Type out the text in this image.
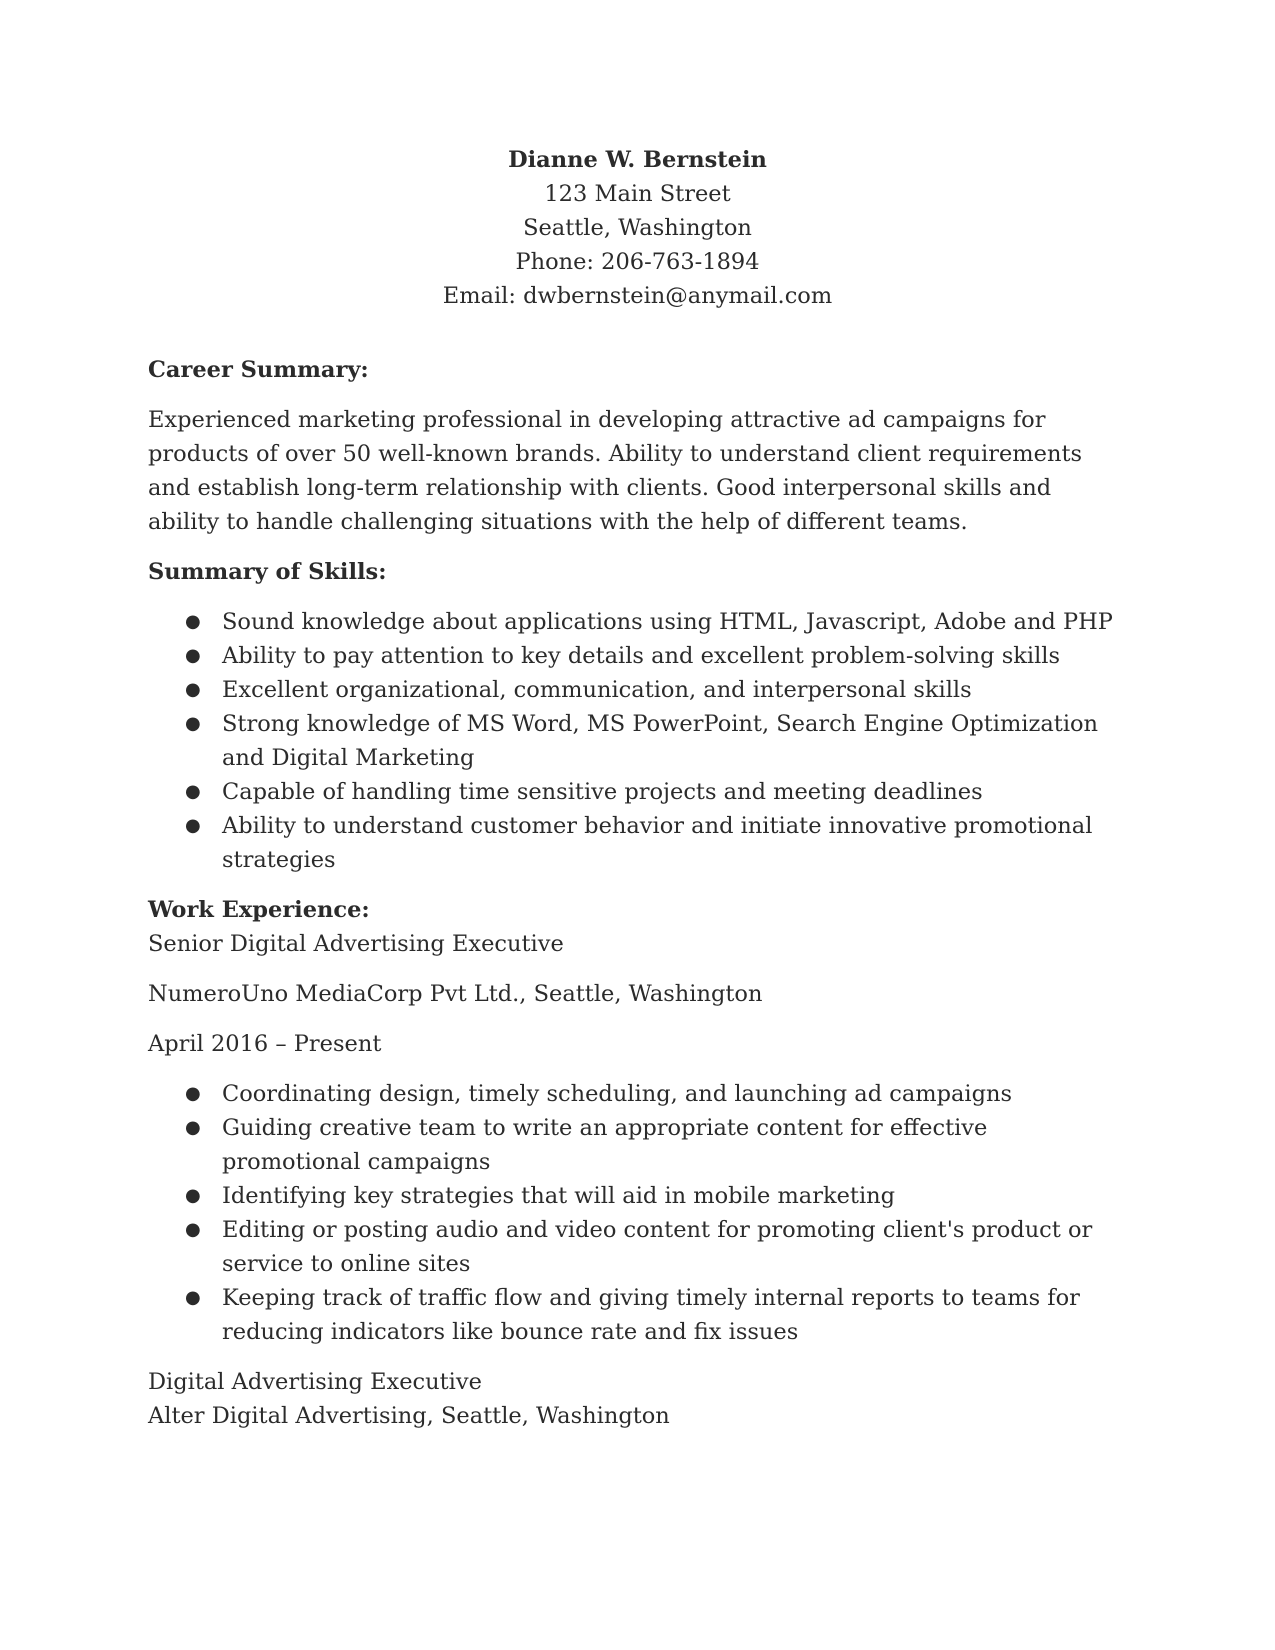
Dianne W. Bernstein
123 Main Street
Seattle, Washington
Phone: 206-763-1894
Email: dwbernstein@anymail.com
Career Summary:

Experienced marketing professional in developing attractive ad campaigns for products of over 50 well-known brands. Ability to understand client requirements and establish long-term relationship with clients. Good interpersonal skills and ability to handle challenging situations with the help of different teams.

Summary of Skills:
● Sound knowledge about applications using HTML, Javascript, Adobe and PHP
● Ability to pay attention to key details and excellent problem-solving skills
● Excellent organizational, communication, and interpersonal skills
● Strong knowledge of MS Word, MS PowerPoint, Search Engine Optimization and Digital Marketing
● Capable of handling time sensitive projects and meeting deadlines
● Ability to understand customer behavior and initiate innovative promotional strategies
Work Experience:

Senior Digital Advertising Executive

NumeroUno MediaCorp Pvt Ltd., Seattle, Washington

April 2016 – Present

● Coordinating design, timely scheduling, and launching ad campaigns
● Guiding creative team to write an appropriate content for effective promotional campaigns
● Identifying key strategies that will aid in mobile marketing
● Editing or posting audio and video content for promoting client's product or service to online sites
● Keeping track of traffic flow and giving timely internal reports to teams for reducing indicators like bounce rate and fix issues

Digital Advertising Executive

Alter Digital Advertising, Seattle, Washington
